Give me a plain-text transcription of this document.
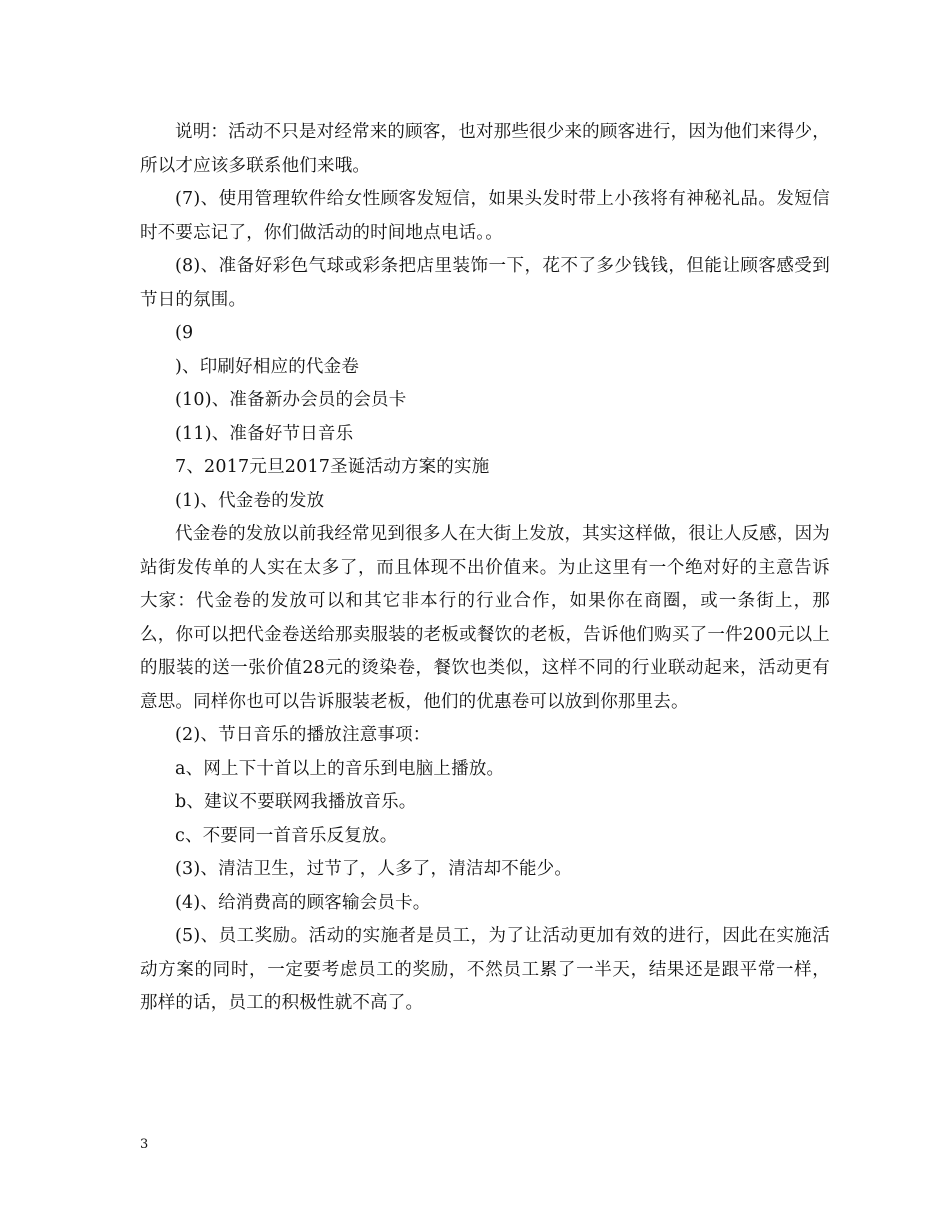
说明：活动不只是对经常来的顾客，也对那些很少来的顾客进行，因为他们来得少，所以才应该多联系他们来哦。

(7)、使用管理软件给女性顾客发短信，如果头发时带上小孩将有神秘礼品。发短信时不要忘记了，你们做活动的时间地点电话。。

(8)、准备好彩色气球或彩条把店里装饰一下，花不了多少钱钱，但能让顾客感受到节日的氛围。

(9

)、印刷好相应的代金卷

(10)、准备新办会员的会员卡

(11)、准备好节日音乐

7、2017元旦2017圣诞活动方案的实施

(1)、代金卷的发放

代金卷的发放以前我经常见到很多人在大街上发放，其实这样做，很让人反感，因为站街发传单的人实在太多了，而且体现不出价值来。为止这里有一个绝对好的主意告诉大家：代金卷的发放可以和其它非本行的行业合作，如果你在商圈，或一条街上，那么，你可以把代金卷送给那卖服装的老板或餐饮的老板，告诉他们购买了一件200元以上的服装的送一张价值28元的烫染卷，餐饮也类似，这样不同的行业联动起来，活动更有意思。同样你也可以告诉服装老板，他们的优惠卷可以放到你那里去。

(2)、节日音乐的播放注意事项：

a、网上下十首以上的音乐到电脑上播放。

b、建议不要联网我播放音乐。

c、不要同一首音乐反复放。

(3)、清洁卫生，过节了，人多了，清洁却不能少。

(4)、给消费高的顾客输会员卡。

(5)、员工奖励。活动的实施者是员工，为了让活动更加有效的进行，因此在实施活动方案的同时，一定要考虑员工的奖励，不然员工累了一半天，结果还是跟平常一样，那样的话，员工的积极性就不高了。

3
